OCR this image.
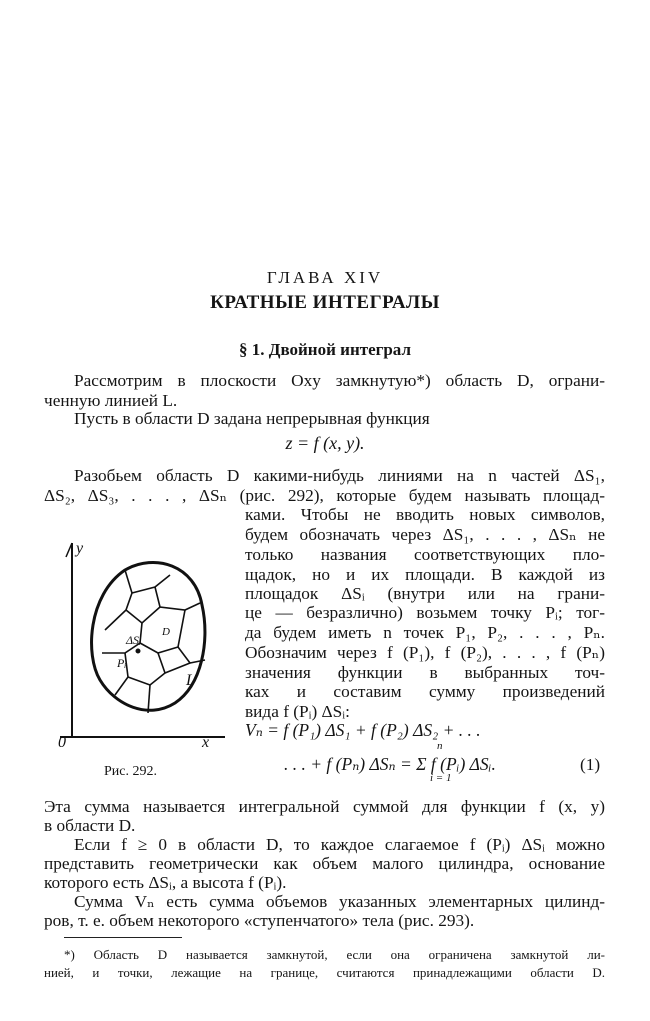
ГЛАВА XIV
КРАТНЫЕ ИНТЕГРАЛЫ
§ 1. Двойной интеграл
Рассмотрим в плоскости Oxy замкнутую*) область D, ограни-
ченную линией L.
Пусть в области D задана непрерывная функция
z = f (x, y).
Разобьем область D какими-нибудь линиями на n частей ΔS₁,
ΔS₂, ΔS₃, . . . , ΔSₙ (рис. 292), которые будем называть площад-
ками. Чтобы не вводить новых символов,
будем обозначать через ΔS₁, . . . , ΔSₙ не
только названия соответствующих пло-
щадок, но и их площади. В каждой из
площадок ΔSᵢ (внутри или на грани-
це — безразлично) возьмем точку Pᵢ; тог-
да будем иметь n точек P₁, P₂, . . . , Pₙ.
Обозначим через f (P₁), f (P₂), . . . , f (Pₙ)
значения функции в выбранных точ-
ках и составим сумму произведений
вида f (Pᵢ) ΔSᵢ:
Vₙ = f (P₁) ΔS₁ + f (P₂) ΔS₂ + . . .
. . . + f (Pₙ) ΔSₙ = Σ f (Pᵢ) ΔSᵢ.
n
i = 1
(1)
y
x
0
L
ΔSᵢ
Pᵢ
D
Рис. 292.
Эта сумма называется интегральной суммой для функции f (x, y)
в области D.
Если f ≥ 0 в области D, то каждое слагаемое f (Pᵢ) ΔSᵢ можно
представить геометрически как объем малого цилиндра, основание
которого есть ΔSᵢ, а высота f (Pᵢ).
Сумма Vₙ есть сумма объемов указанных элементарных цилинд-
ров, т. е. объем некоторого «ступенчатого» тела (рис. 293).
*) Область D называется замкнутой, если она ограничена замкнутой ли-
нией, и точки, лежащие на границе, считаются принадлежащими области D.
